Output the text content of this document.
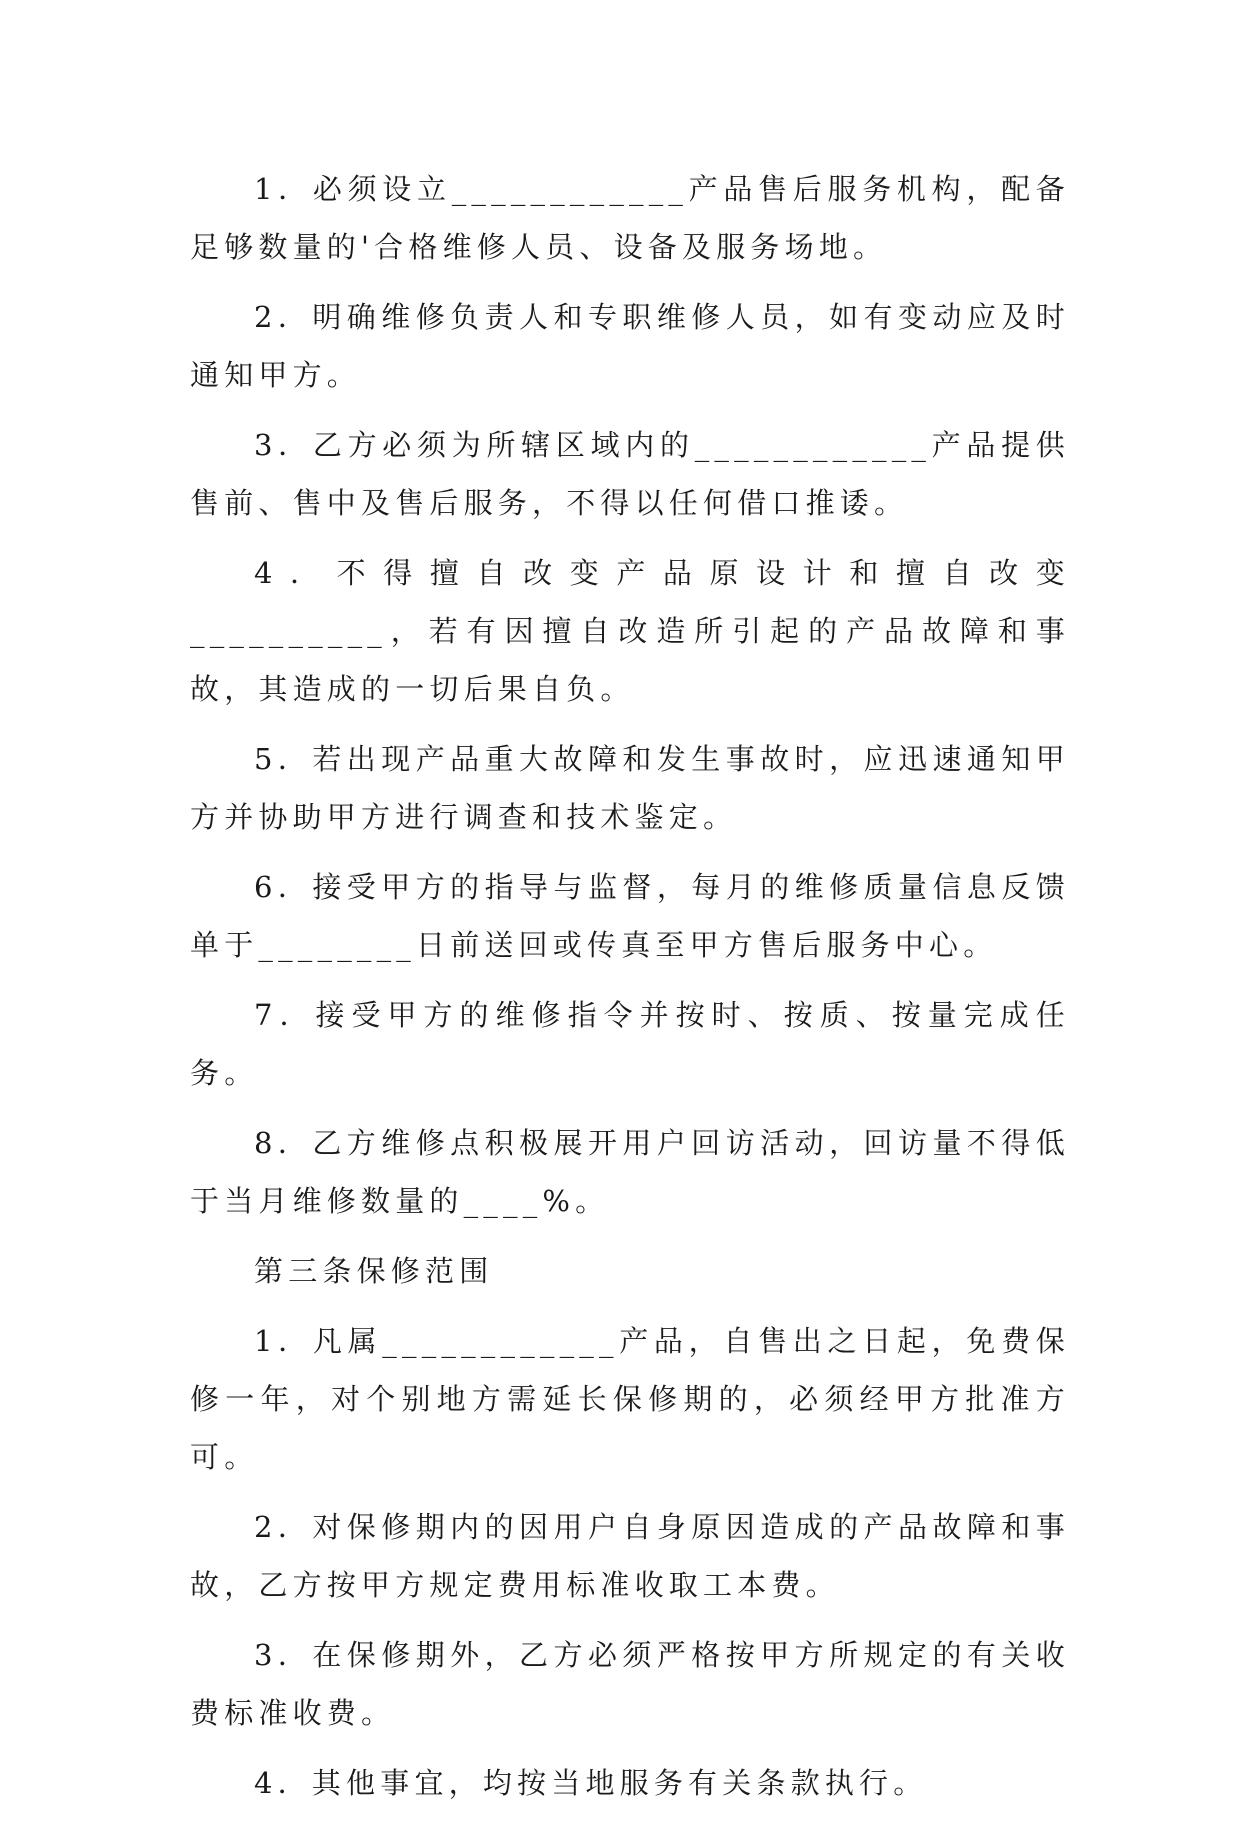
1．必须设立____________产品售后服务机构，配备足够数量的'合格维修人员、设备及服务场地。

2．明确维修负责人和专职维修人员，如有变动应及时通知甲方。

3．乙方必须为所辖区域内的____________产品提供售前、售中及售后服务，不得以任何借口推诿。

4．不得擅自改变产品原设计和擅自改变__________，若有因擅自改造所引起的产品故障和事故，其造成的一切后果自负。

5．若出现产品重大故障和发生事故时，应迅速通知甲方并协助甲方进行调查和技术鉴定。

6．接受甲方的指导与监督，每月的维修质量信息反馈单于________日前送回或传真至甲方售后服务中心。

7．接受甲方的维修指令并按时、按质、按量完成任务。

8．乙方维修点积极展开用户回访活动，回访量不得低于当月维修数量的____%。

第三条保修范围

1．凡属____________产品，自售出之日起，免费保修一年，对个别地方需延长保修期的，必须经甲方批准方可。

2．对保修期内的因用户自身原因造成的产品故障和事故，乙方按甲方规定费用标准收取工本费。

3．在保修期外，乙方必须严格按甲方所规定的有关收费标准收费。

4．其他事宜，均按当地服务有关条款执行。
